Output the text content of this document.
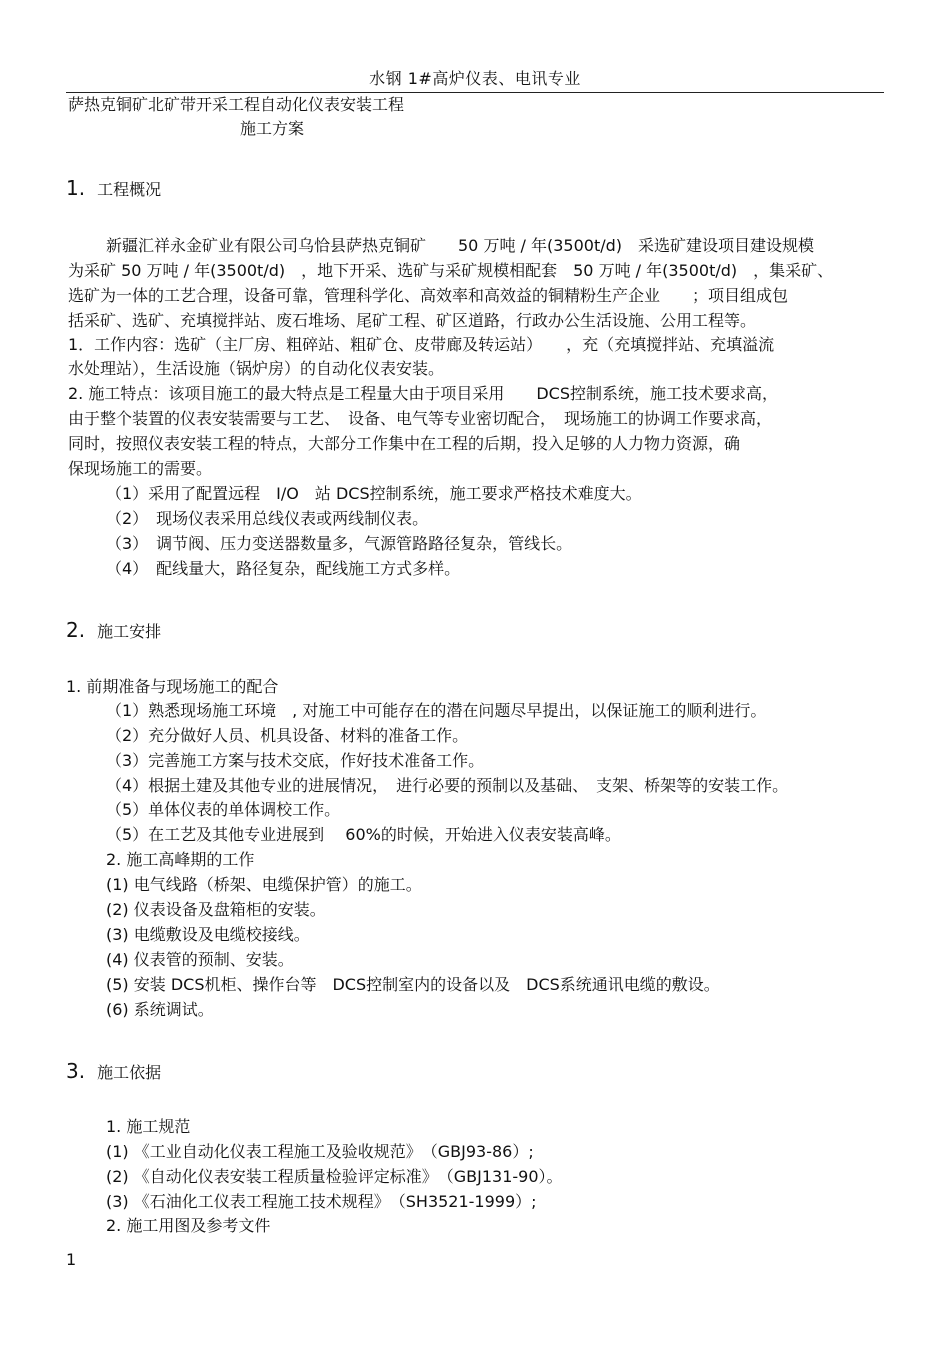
水钢 1#高炉仪表、电讯专业
萨热克铜矿北矿带开采工程自动化仪表安装工程
施工方案
1. 工程概况
新疆汇祥永金矿业有限公司乌恰县萨热克铜矿　　50 万吨 / 年(3500t/d)　采选矿建设项目建设规模
为采矿 50 万吨 / 年(3500t/d)　，地下开采、选矿与采矿规模相配套　50 万吨 / 年(3500t/d)　，集采矿、
选矿为一体的工艺合理，设备可靠，管理科学化、高效率和高效益的铜精粉生产企业　　；项目组成包
括采矿、选矿、充填搅拌站、废石堆场、尾矿工程、矿区道路，行政办公生活设施、公用工程等。
1．工作内容：选矿（主厂房、粗碎站、粗矿仓、皮带廊及转运站）　　，充（充填搅拌站、充填溢流
水处理站），生活设施（锅炉房）的自动化仪表安装。
2. 施工特点：该项目施工的最大特点是工程量大由于项目采用　　DCS控制系统，施工技术要求高，
由于整个装置的仪表安装需要与工艺、　设备、电气等专业密切配合，　现场施工的协调工作要求高，
同时，按照仪表安装工程的特点，大部分工作集中在工程的后期，投入足够的人力物力资源，确
保现场施工的需要。
（1）采用了配置远程　I/O　站 DCS控制系统，施工要求严格技术难度大。
（2）　现场仪表采用总线仪表或两线制仪表。
（3）　调节阀、压力变送器数量多，气源管路路径复杂，管线长。
（4）　配线量大，路径复杂，配线施工方式多样。
2. 施工安排
1. 前期准备与现场施工的配合
（1）熟悉现场施工环境　, 对施工中可能存在的潜在问题尽早提出，以保证施工的顺利进行。
（2）充分做好人员、机具设备、材料的准备工作。
（3）完善施工方案与技术交底，作好技术准备工作。
（4）根据土建及其他专业的进展情况，　进行必要的预制以及基础、　支架、桥架等的安装工作。
（5）单体仪表的单体调校工作。
（5）在工艺及其他专业进展到　 60%的时候，开始进入仪表安装高峰。
2. 施工高峰期的工作
(1) 电气线路（桥架、电缆保护管）的施工。
(2) 仪表设备及盘箱柜的安装。
(3) 电缆敷设及电缆校接线。
(4) 仪表管的预制、安装。
(5) 安装 DCS机柜、操作台等　DCS控制室内的设备以及　DCS系统通讯电缆的敷设。
(6) 系统调试。
3. 施工依据
1. 施工规范
(1) 《工业自动化仪表工程施工及验收规范》　（GBJ93-86）;
(2) 《自动化仪表安装工程质量检验评定标准》　（GBJ131-90）。
(3) 《石油化工仪表工程施工技术规程》　（SH3521-1999）;
2. 施工用图及参考文件
1
